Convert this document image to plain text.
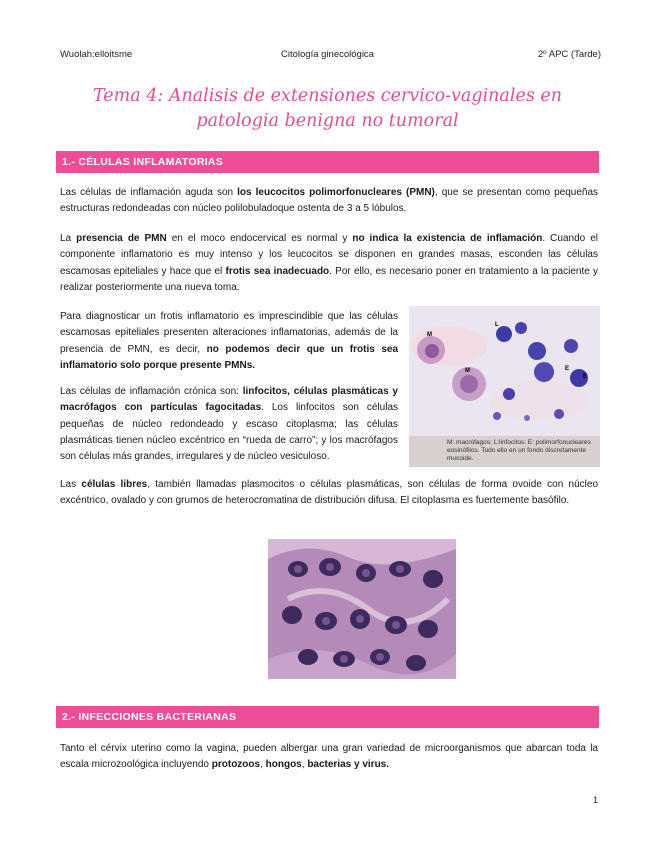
Wuolah:elloitsme	Citología ginecológica	2º APC (Tarde)
Tema 4: Analisis de extensiones cervico-vaginales en patologia benigna no tumoral
1.- CÉLULAS INFLAMATORIAS

Las células de inflamación aguda son los leucocitos polimorfonucleares (PMN), que se presentan como pequeñas estructuras redondeadas con núcleo polilobuladoque ostenta de 3 a 5 lóbulos.

La presencia de PMN en el moco endocervical es normal y no indica la existencia de inflamación. Cuando el componente inflamatorio es muy intenso y los leucocitos se disponen en grandes masas, esconden las células escamosas epiteliales y hace que el frotis sea inadecuado. Por ello, es necesario poner en tratamiento a la paciente y realizar posteriormente una nueva toma.

Para diagnosticar un frotis inflamatorio es imprescindible que las células escamosas epiteliales presenten alteraciones inflamatorias, además de la presencia de PMN, es decir, no podemos decir que un frotis sea inflamatorio solo porque presente PMNs.

Las células de inflamación crónica son: linfocitos, células plasmáticas y macrófagos con partículas fagocitadas. Los linfocitos son células pequeñas de núcleo redondeado y escaso citoplasma; las células plasmáticas tienen núcleo excéntrico en “rueda de carro”; y los macrófagos son células más grandes, irregulares y de núcleo vesiculoso.

M
L
E
M
E
M: macrófagos; L:linfocitos: E: polimorfonucleares eosinófilos. Todo ello en un fondo discretamente mucoide.

Las células libres, también llamadas plasmocitos o células plasmáticas, son células de forma ovoide con núcleo excéntrico, ovalado y con grumos de heterocromatina de distribución difusa. El citoplasma es fuertemente basófilo.

2.- INFECCIONES BACTERIANAS

Tanto el cérvix uterino como la vagina, pueden albergar una gran variedad de microorganismos que abarcan toda la escala microzoológica incluyendo protozoos, hongos, bacterias y virus.

1
